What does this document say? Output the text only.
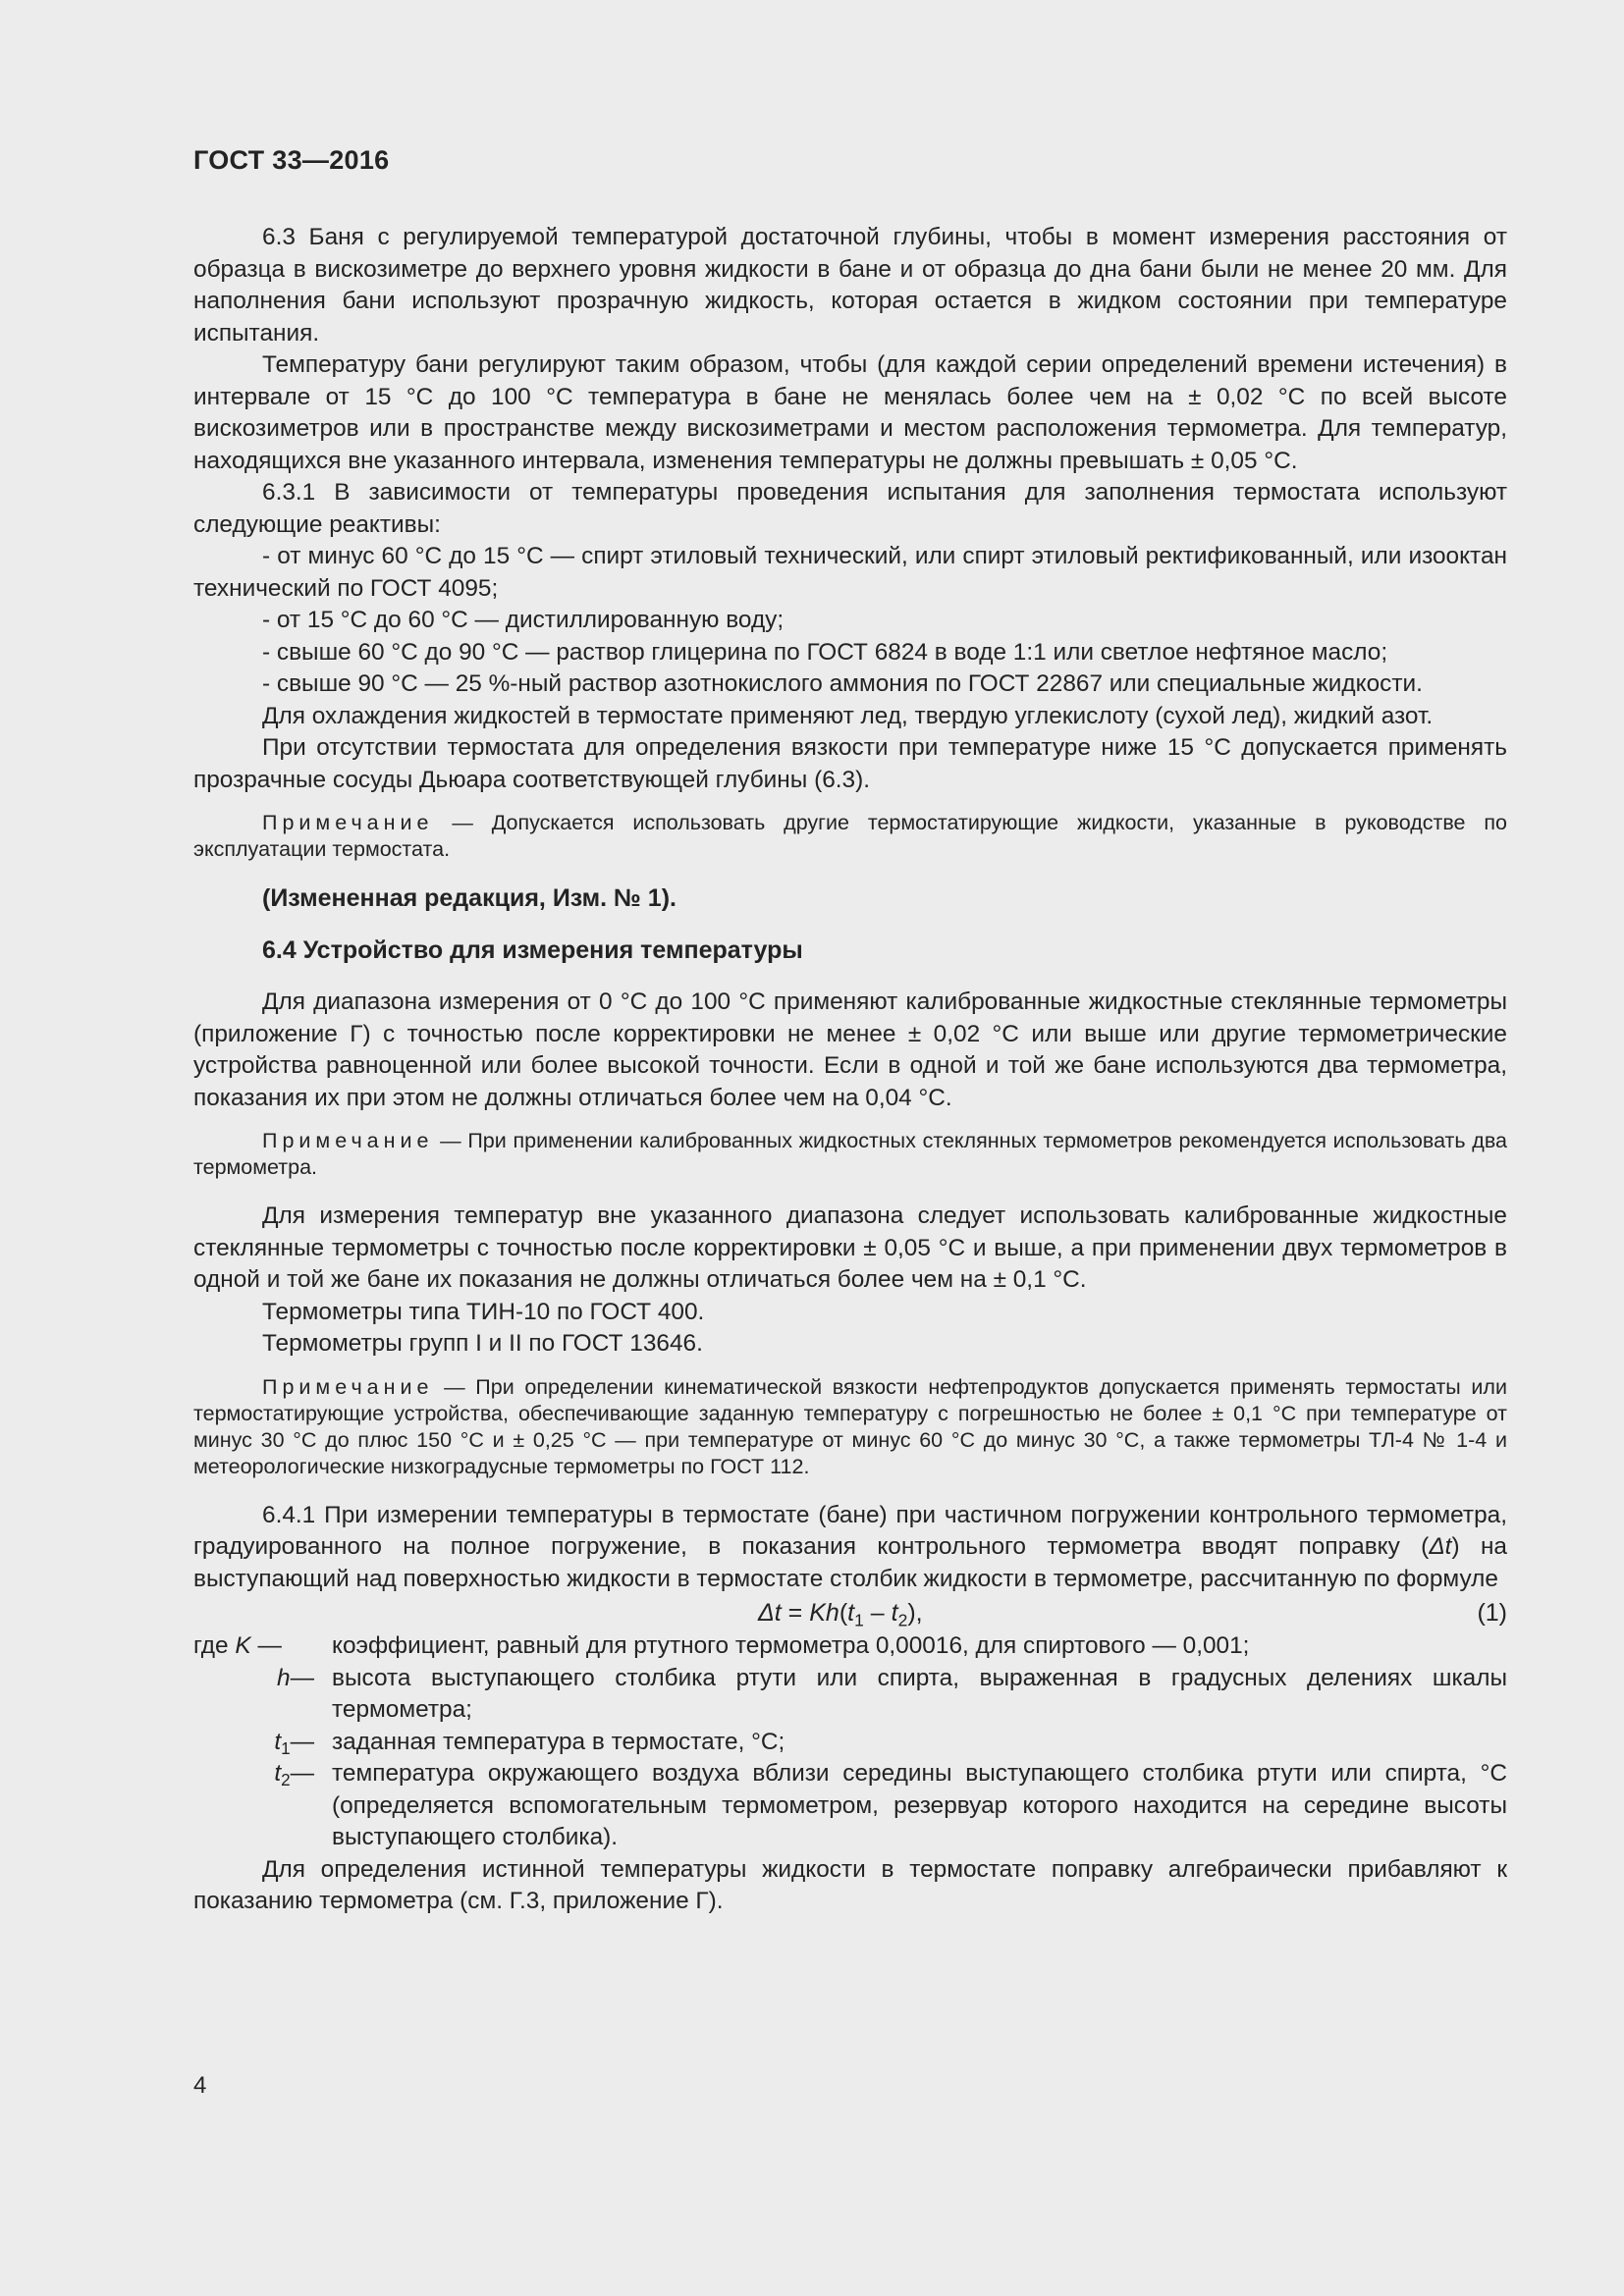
ГОСТ 33—2016

6.3 Баня с регулируемой температурой достаточной глубины, чтобы в момент измерения расстояния от образца в вискозиметре до верхнего уровня жидкости в бане и от образца до дна бани были не менее 20 мм. Для наполнения бани используют прозрачную жидкость, которая остается в жидком состоянии при температуре испытания.

Температуру бани регулируют таким образом, чтобы (для каждой серии определений времени истечения) в интервале от 15 °С до 100 °С температура в бане не менялась более чем на ± 0,02 °С по всей высоте вискозиметров или в пространстве между вискозиметрами и местом расположения термометра. Для температур, находящихся вне указанного интервала, изменения температуры не должны превышать ± 0,05 °С.

6.3.1 В зависимости от температуры проведения испытания для заполнения термостата используют следующие реактивы:

- от минус 60 °С до 15 °С — спирт этиловый технический, или спирт этиловый ректификованный, или изооктан технический по ГОСТ 4095;

- от 15 °С до 60 °С — дистиллированную воду;

- свыше 60 °С до 90 °С — раствор глицерина по ГОСТ 6824 в воде 1:1 или светлое нефтяное масло;

- свыше 90 °С — 25 %-ный раствор азотнокислого аммония по ГОСТ 22867 или специальные жидкости.

Для охлаждения жидкостей в термостате применяют лед, твердую углекислоту (сухой лед), жидкий азот.

При отсутствии термостата для определения вязкости при температуре ниже 15 °С допускается применять прозрачные сосуды Дьюара соответствующей глубины (6.3).

Примечание — Допускается использовать другие термостатирующие жидкости, указанные в руководстве по эксплуатации термостата.

(Измененная редакция, Изм. № 1).

6.4 Устройство для измерения температуры

Для диапазона измерения от 0 °С до 100 °С применяют калиброванные жидкостные стеклянные термометры (приложение Г) с точностью после корректировки не менее ± 0,02 °С или выше или другие термометрические устройства равноценной или более высокой точности. Если в одной и той же бане используются два термометра, показания их при этом не должны отличаться более чем на 0,04 °С.

Примечание — При применении калиброванных жидкостных стеклянных термометров рекомендуется использовать два термометра.

Для измерения температур вне указанного диапазона следует использовать калиброванные жидкостные стеклянные термометры с точностью после корректировки ± 0,05 °С и выше, а при применении двух термометров в одной и той же бане их показания не должны отличаться более чем на ± 0,1 °С.

Термометры типа ТИН-10 по ГОСТ 400.

Термометры групп I и II по ГОСТ 13646.

Примечание — При определении кинематической вязкости нефтепродуктов допускается применять термостаты или термостатирующие устройства, обеспечивающие заданную температуру с погрешностью не более ± 0,1 °С при температуре от минус 30 °С до плюс 150 °С и ± 0,25 °С — при температуре от минус 60 °С до минус 30 °С, а также термометры ТЛ-4 № 1-4 и метеорологические низкоградусные термометры по ГОСТ 112.

6.4.1 При измерении температуры в термостате (бане) при частичном погружении контрольного термометра, градуированного на полное погружение, в показания контрольного термометра вводят поправку (Δt) на выступающий над поверхностью жидкости в термостате столбик жидкости в термометре, рассчитанную по формуле

$\Delta t = Kh(t_1 - t_2)$,	(1)
где K —	коэффициент, равный для ртутного термометра 0,00016, для спиртового — 0,001;
h— высота выступающего столбика ртути или спирта, выраженная в градусных делениях шкалы термометра;
$t_1—$ заданная температура в термостате, °С;
$t_2—$ температура окружающего воздуха вблизи середины выступающего столбика ртути или спирта, °С (определяется вспомогательным термометром, резервуар которого находится на середине высоты выступающего столбика).

Для определения истинной температуры жидкости в термостате поправку алгебраически прибавляют к показанию термометра (см. Г.3, приложение Г).

4
